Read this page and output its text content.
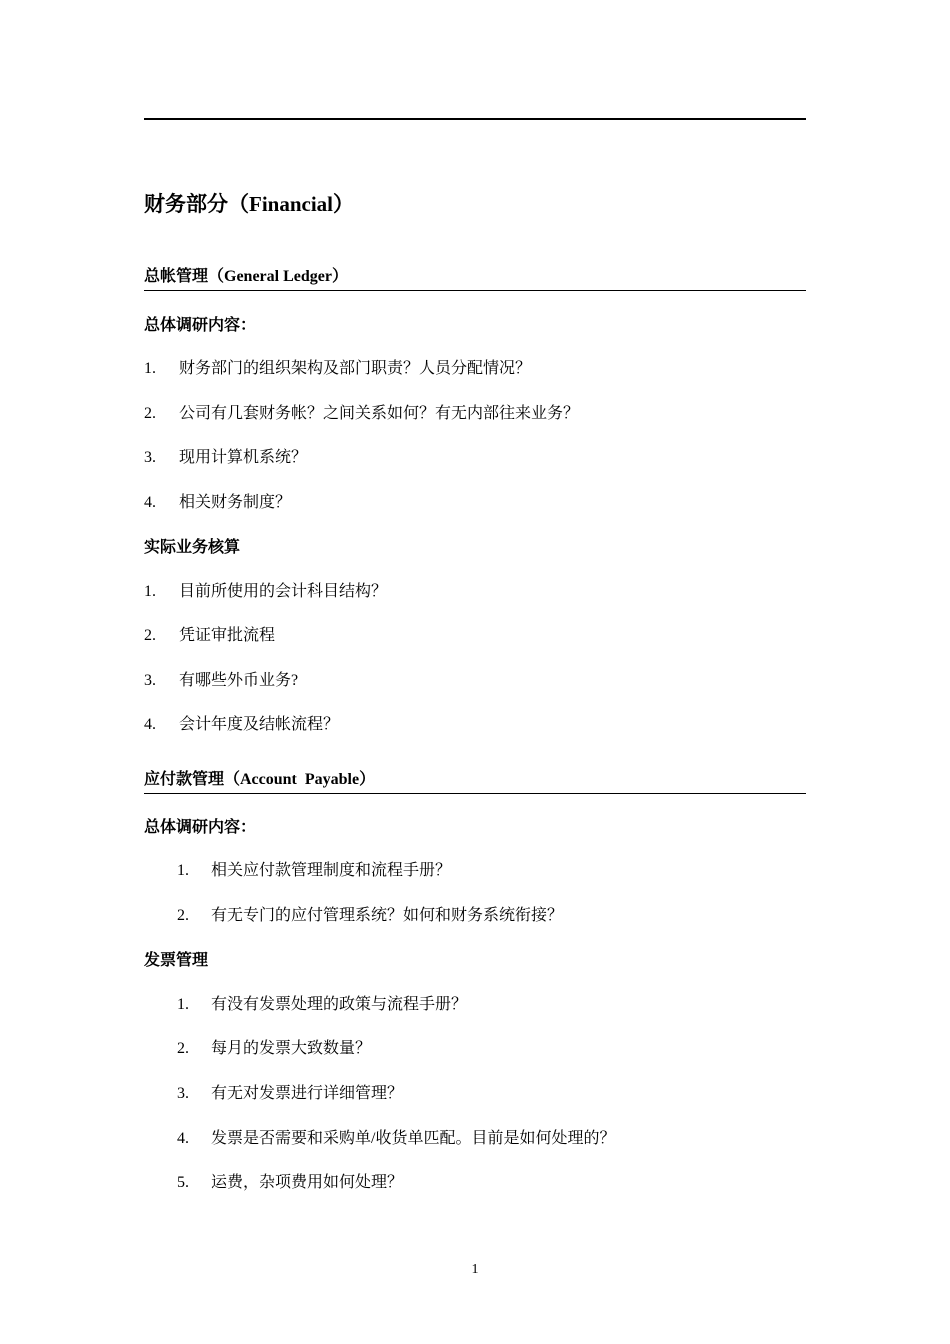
财务部分（Financial）
总帐管理（General Ledger）
总体调研内容：
1. 财务部门的组织架构及部门职责？人员分配情况？
2. 公司有几套财务帐？之间关系如何？有无内部往来业务？
3. 现用计算机系统？
4. 相关财务制度？
实际业务核算
1. 目前所使用的会计科目结构？
2. 凭证审批流程
3. 有哪些外币业务?
4. 会计年度及结帐流程？
应付款管理（Account  Payable）
总体调研内容：
1. 相关应付款管理制度和流程手册？
2. 有无专门的应付管理系统？如何和财务系统衔接？
发票管理
1. 有没有发票处理的政策与流程手册？
2. 每月的发票大致数量？
3. 有无对发票进行详细管理？
4. 发票是否需要和采购单/收货单匹配。目前是如何处理的？
5. 运费，杂项费用如何处理？
1
